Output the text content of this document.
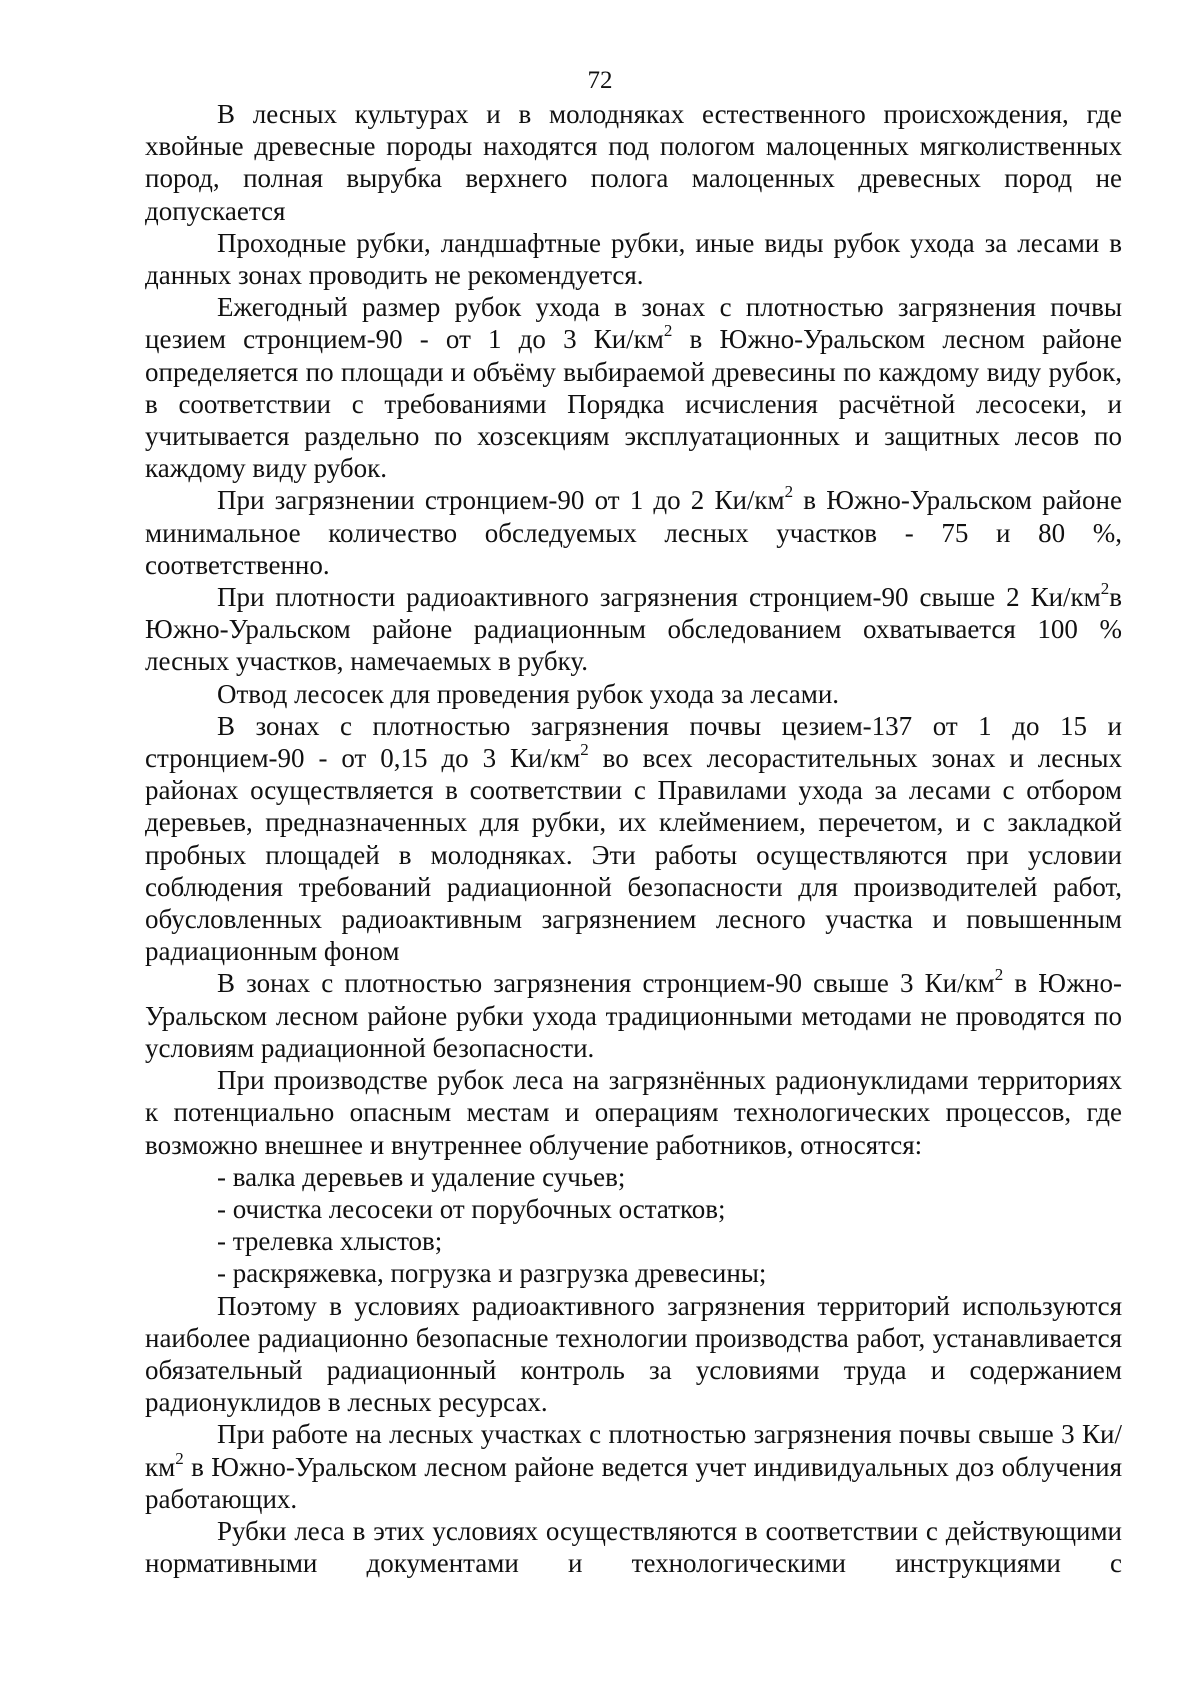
72

В лесных культурах и в молодняках естественного происхождения, где хвойные древесные породы находятся под пологом малоценных мягколиственных пород, полная вырубка верхнего полога малоценных древесных пород не допускается

Проходные рубки, ландшафтные рубки, иные виды рубок ухода за лесами в данных зонах проводить не рекомендуется.

Ежегодный размер рубок ухода в зонах с плотностью загрязнения почвы цезием стронцием-90 - от 1 до 3 $Ки/км^2$ в Южно-Уральском лесном районе определяется по площади и объёму выбираемой древесины по каждому виду рубок, в соответствии с требованиями Порядка исчисления расчётной лесосеки, и учитывается раздельно по хозсекциям эксплуатационных и защитных лесов по каждому виду рубок.

При загрязнении стронцием-90 от 1 до 2 $Ки/км^2$ в Южно-Уральском районе минимальное количество обследуемых лесных участков - 75 и 80 %, соответственно.

При плотности радиоактивного загрязнения стронцием-90 свыше 2 $Ки/км^2в$ Южно-Уральском районе радиационным обследованием охватывается 100 % лесных участков, намечаемых в рубку.

Отвод лесосек для проведения рубок ухода за лесами.

В зонах с плотностью загрязнения почвы цезием-137 от 1 до 15 и стронцием-90 - от 0,15 до 3 $Ки/км^2$ во всех лесорастительных зонах и лесных районах осуществляется в соответствии с Правилами ухода за лесами с отбором деревьев, предназначенных для рубки, их клеймением, перечетом, и с закладкой пробных площадей в молодняках. Эти работы осуществляются при условии соблюдения требований радиационной безопасности для производителей работ, обусловленных радиоактивным загрязнением лесного участка и повышенным радиационным фоном

В зонах с плотностью загрязнения стронцием-90 свыше 3 $Ки/км^2$ в Южно-Уральском лесном районе рубки ухода традиционными методами не проводятся по условиям радиационной безопасности.

При производстве рубок леса на загрязнённых радионуклидами территориях к потенциально опасным местам и операциям технологических процессов, где возможно внешнее и внутреннее облучение работников, относятся:

- валка деревьев и удаление сучьев;

- очистка лесосеки от порубочных остатков;

- трелевка хлыстов;

- раскряжевка, погрузка и разгрузка древесины;

Поэтому в условиях радиоактивного загрязнения территорий используются наиболее радиационно безопасные технологии производства работ, устанавливается обязательный радиационный контроль за условиями труда и содержанием радионуклидов в лесных ресурсах.

При работе на лесных участках с плотностью загрязнения почвы свыше 3 $Ки/км^2$ в Южно-Уральском лесном районе ведется учет индивидуальных доз облучения работающих.

Рубки леса в этих условиях осуществляются в соответствии с действующими нормативными документами и технологическими инструкциями с
